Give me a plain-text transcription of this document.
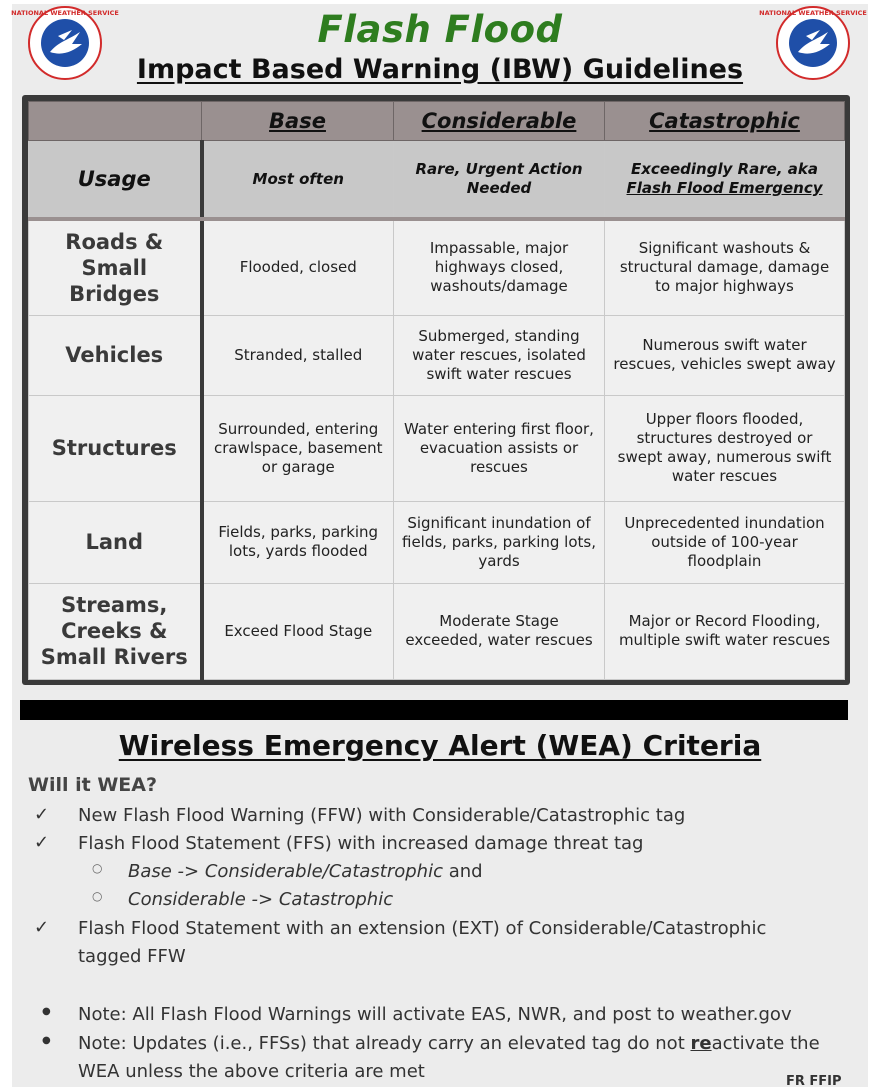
NATIONAL WEATHER SERVICE	NATIONAL WEATHER SERVICE
Flash Flood
Impact Based Warning (IBW) Guidelines
	Base	Considerable	Catastrophic
Usage	Most often	Rare, Urgent Action Needed	Exceedingly Rare, aka
Flash Flood Emergency
Roads & Small Bridges	Flooded, closed	Impassable, major highways closed, washouts/damage	Significant washouts & structural damage, damage to major highways
Vehicles	Stranded, stalled	Submerged, standing water rescues, isolated swift water rescues	Numerous swift water rescues, vehicles swept away
Structures	Surrounded, entering crawlspace, basement or garage	Water entering first floor, evacuation assists or rescues	Upper floors flooded, structures destroyed or swept away, numerous swift water rescues
Land	Fields, parks, parking lots, yards flooded	Significant inundation of fields, parks, parking lots, yards	Unprecedented inundation outside of 100-year floodplain
Streams, Creeks & Small Rivers	Exceed Flood Stage	Moderate Stage exceeded, water rescues	Major or Record Flooding, multiple swift water rescues
Wireless Emergency Alert (WEA) Criteria
Will it WEA?
✓ New Flash Flood Warning (FFW) with Considerable/Catastrophic tag
✓ Flash Flood Statement (FFS) with increased damage threat tag
○ Base -> Considerable/Catastrophic and
○ Considerable -> Catastrophic
✓ Flash Flood Statement with an extension (EXT) of Considerable/Catastrophic
tagged FFW
● Note: All Flash Flood Warnings will activate EAS, NWR, and post to weather.gov
● Note: Updates (i.e., FFSs) that already carry an elevated tag do not reactivate the
WEA unless the above criteria are met	FR FFIP
